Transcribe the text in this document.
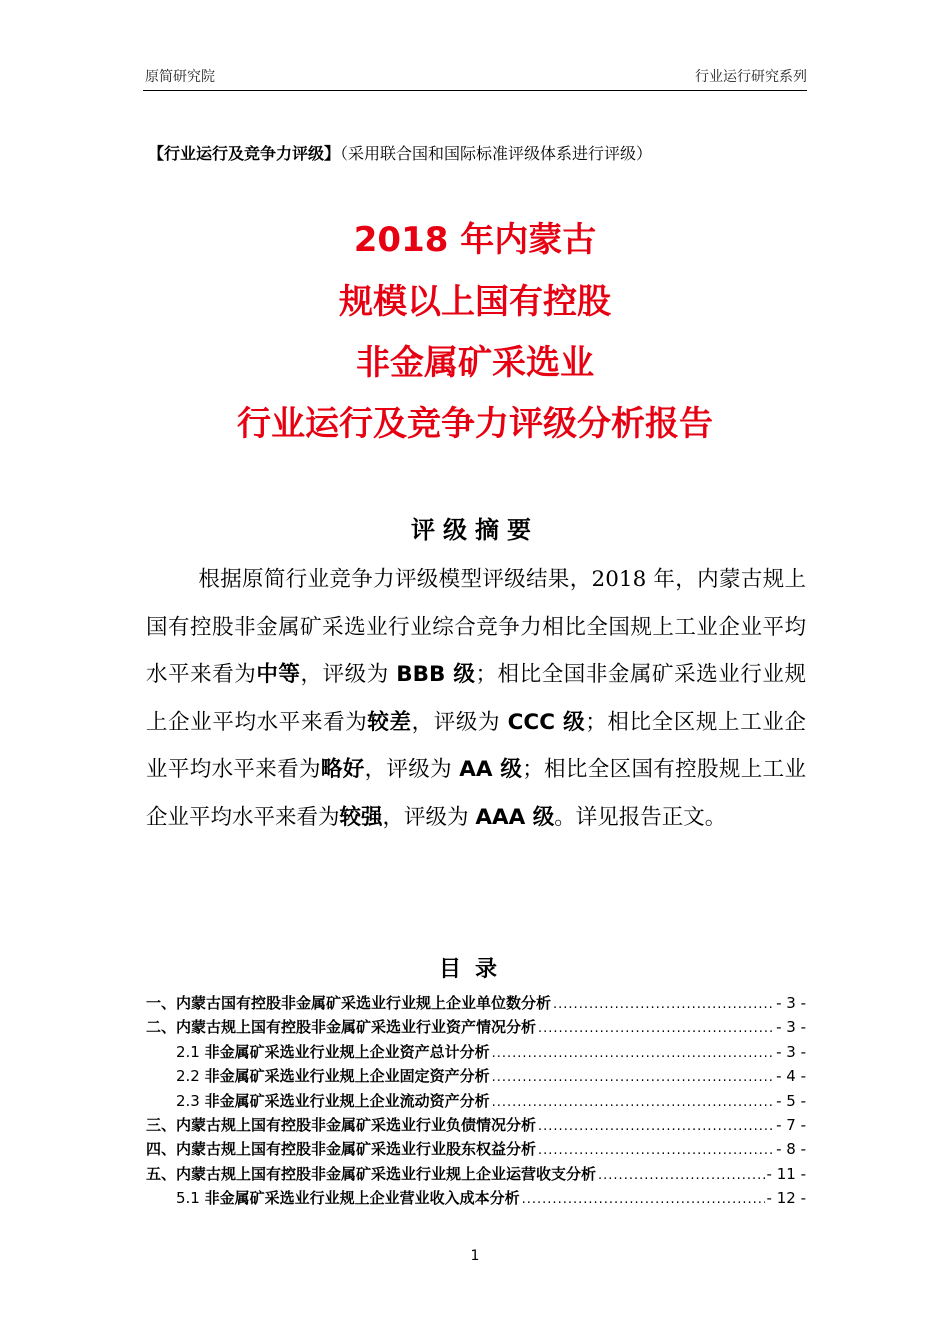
原简研究院	行业运行研究系列
【行业运行及竞争力评级】（采用联合国和国际标准评级体系进行评级）
2018 年内蒙古
规模以上国有控股
非金属矿采选业
行业运行及竞争力评级分析报告
评级摘要
根据原简行业竞争力评级模型评级结果，2018 年，内蒙古规上国有控股非金属矿采选业行业综合竞争力相比全国规上工业企业平均水平来看为中等，评级为 BBB 级；相比全国非金属矿采选业行业规上企业平均水平来看为较差，评级为 CCC 级；相比全区规上工业企业平均水平来看为略好，评级为 AA 级；相比全区国有控股规上工业企业平均水平来看为较强，评级为 AAA 级。详见报告正文。
目录
一、内蒙古国有控股非金属矿采选业行业规上企业单位数分析 .....	- 3 -
二、内蒙古规上国有控股非金属矿采选业行业资产情况分析 .....	- 3 -
2.1 非金属矿采选业行业规上企业资产总计分析 .....	- 3 -
2.2 非金属矿采选业行业规上企业固定资产分析 .....	- 4 -
2.3 非金属矿采选业行业规上企业流动资产分析 .....	- 5 -
三、内蒙古规上国有控股非金属矿采选业行业负债情况分析 .....	- 7 -
四、内蒙古规上国有控股非金属矿采选业行业股东权益分析 .....	- 8 -
五、内蒙古规上国有控股非金属矿采选业行业规上企业运营收支分析 .....	- 11 -
5.1 非金属矿采选业行业规上企业营业收入成本分析 .....	- 12 -
1
